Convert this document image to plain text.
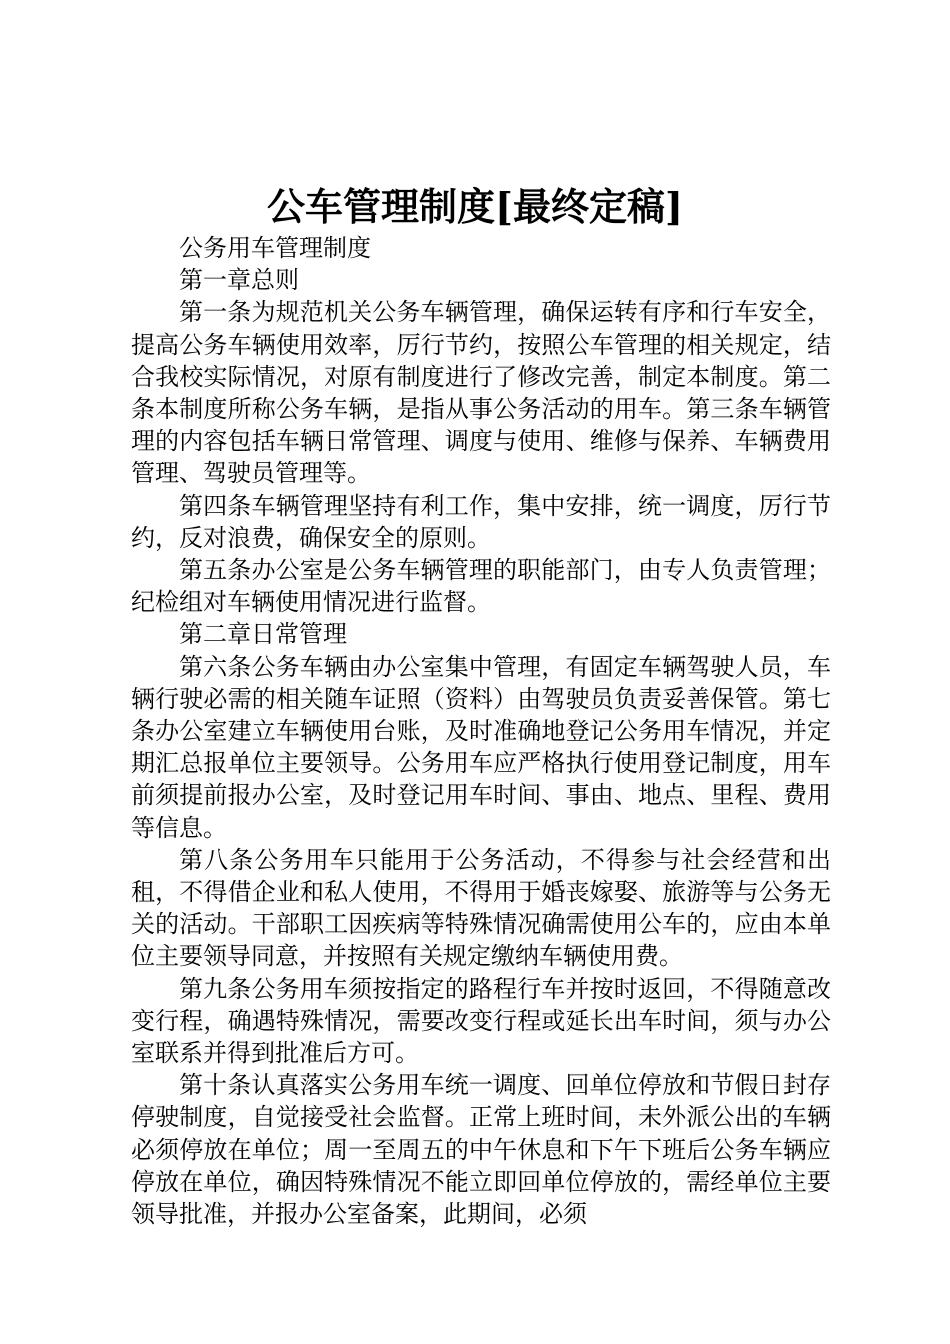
公车管理制度[最终定稿]

公务用车管理制度

第一章总则

第一条为规范机关公务车辆管理，确保运转有序和行车安全，提高公务车辆使用效率，厉行节约，按照公车管理的相关规定，结合我校实际情况，对原有制度进行了修改完善，制定本制度。第二条本制度所称公务车辆，是指从事公务活动的用车。第三条车辆管理的内容包括车辆日常管理、调度与使用、维修与保养、车辆费用管理、驾驶员管理等。

第四条车辆管理坚持有利工作，集中安排，统一调度，厉行节约，反对浪费，确保安全的原则。

第五条办公室是公务车辆管理的职能部门，由专人负责管理；纪检组对车辆使用情况进行监督。

第二章日常管理

第六条公务车辆由办公室集中管理，有固定车辆驾驶人员，车辆行驶必需的相关随车证照（资料）由驾驶员负责妥善保管。第七条办公室建立车辆使用台账，及时准确地登记公务用车情况，并定期汇总报单位主要领导。公务用车应严格执行使用登记制度，用车前须提前报办公室，及时登记用车时间、事由、地点、里程、费用等信息。

第八条公务用车只能用于公务活动，不得参与社会经营和出租，不得借企业和私人使用，不得用于婚丧嫁娶、旅游等与公务无关的活动。干部职工因疾病等特殊情况确需使用公车的，应由本单位主要领导同意，并按照有关规定缴纳车辆使用费。

第九条公务用车须按指定的路程行车并按时返回，不得随意改变行程，确遇特殊情况，需要改变行程或延长出车时间，须与办公室联系并得到批准后方可。

第十条认真落实公务用车统一调度、回单位停放和节假日封存停驶制度，自觉接受社会监督。正常上班时间，未外派公出的车辆必须停放在单位；周一至周五的中午休息和下午下班后公务车辆应停放在单位，确因特殊情况不能立即回单位停放的，需经单位主要领导批准，并报办公室备案，此期间，必须
